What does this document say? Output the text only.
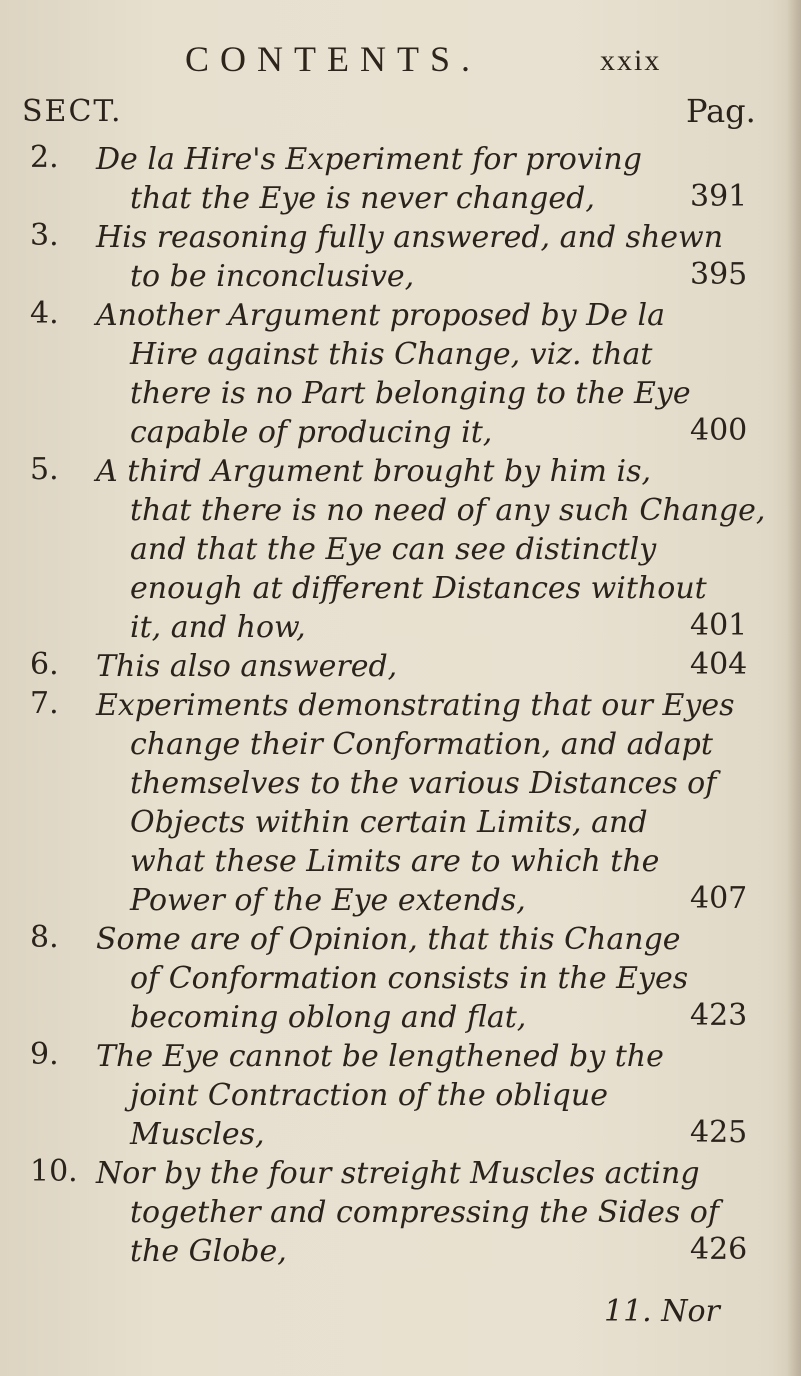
CONTENTS.	xxix
SECT.	Pag.
2. De la Hire's Experiment for proving
that the Eye is never changed,	391
3. His reasoning fully answered, and shewn
to be inconclusive,	395
4. Another Argument proposed by De la
Hire against this Change, viz. that
there is no Part belonging to the Eye
capable of producing it,	400
5. A third Argument brought by him is,
that there is no need of any such Change,
and that the Eye can see distinctly
enough at different Distances without
it, and how,	401
6. This also answered,	404
7. Experiments demonstrating that our Eyes
change their Conformation, and adapt
themselves to the various Distances of
Objects within certain Limits, and
what these Limits are to which the
Power of the Eye extends,	407
8. Some are of Opinion, that this Change
of Conformation consists in the Eyes
becoming oblong and flat,	423
9. The Eye cannot be lengthened by the
joint Contraction of the oblique
Muscles,	425
10. Nor by the four streight Muscles acting
together and compressing the Sides of
the Globe,	426
11. Nor
